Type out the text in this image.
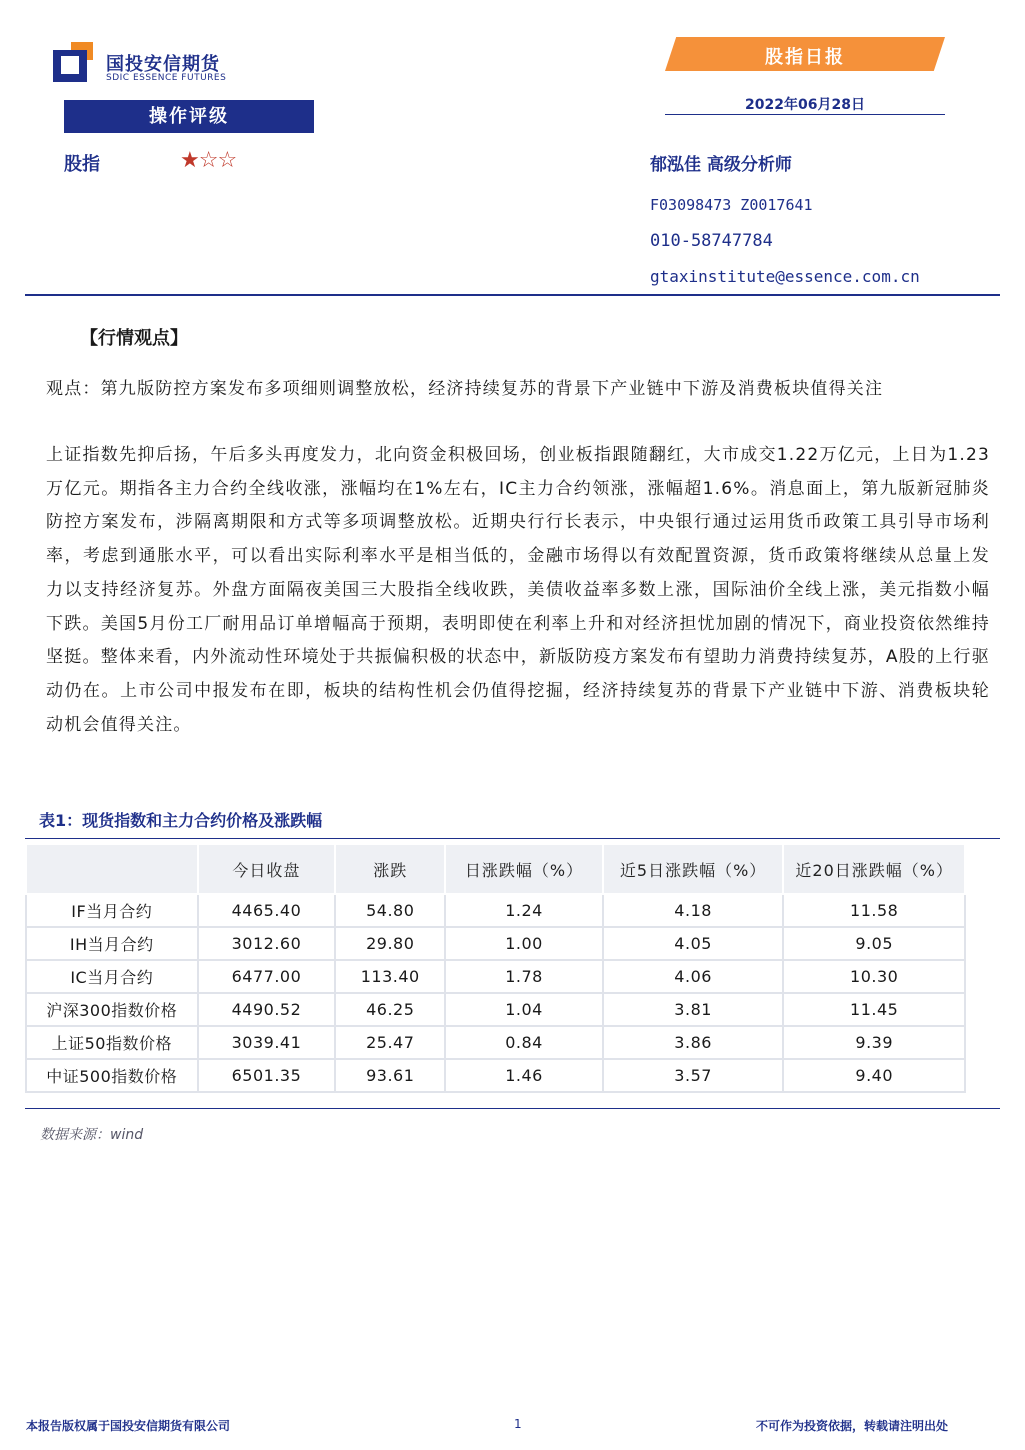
国投安信期货
SDIC ESSENCE FUTURES
股指日报
2022年06月28日
操作评级
股指	★☆☆	郁泓佳 高级分析师
F03098473 Z0017641
010-58747784
gtaxinstitute@essence.com.cn
【行情观点】
观点：第九版防控方案发布多项细则调整放松，经济持续复苏的背景下产业链中下游及消费板块值得关注
上证指数先抑后扬，午后多头再度发力，北向资金积极回场，创业板指跟随翻红，大市成交1.22万亿元，上日为1.23万亿元。期指各主力合约全线收涨，涨幅均在1%左右，IC主力合约领涨，涨幅超1.6%。消息面上，第九版新冠肺炎防控方案发布，涉隔离期限和方式等多项调整放松。近期央行行长表示，中央银行通过运用货币政策工具引导市场利率，考虑到通胀水平，可以看出实际利率水平是相当低的，金融市场得以有效配置资源，货币政策将继续从总量上发力以支持经济复苏。外盘方面隔夜美国三大股指全线收跌，美债收益率多数上涨，国际油价全线上涨，美元指数小幅下跌。美国5月份工厂耐用品订单增幅高于预期，表明即使在利率上升和对经济担忧加剧的情况下，商业投资依然维持坚挺。整体来看，内外流动性环境处于共振偏积极的状态中，新版防疫方案发布有望助力消费持续复苏，A股的上行驱动仍在。上市公司中报发布在即，板块的结构性机会仍值得挖掘，经济持续复苏的背景下产业链中下游、消费板块轮动机会值得关注。
表1：现货指数和主力合约价格及涨跌幅
	今日收盘	涨跌	日涨跌幅（%）	近5日涨跌幅（%）	近20日涨跌幅（%）
IF当月合约	4465.40	54.80	1.24	4.18	11.58
IH当月合约	3012.60	29.80	1.00	4.05	9.05
IC当月合约	6477.00	113.40	1.78	4.06	10.30
沪深300指数价格	4490.52	46.25	1.04	3.81	11.45
上证50指数价格	3039.41	25.47	0.84	3.86	9.39
中证500指数价格	6501.35	93.61	1.46	3.57	9.40
数据来源：wind
本报告版权属于国投安信期货有限公司	1	不可作为投资依据，转载请注明出处
